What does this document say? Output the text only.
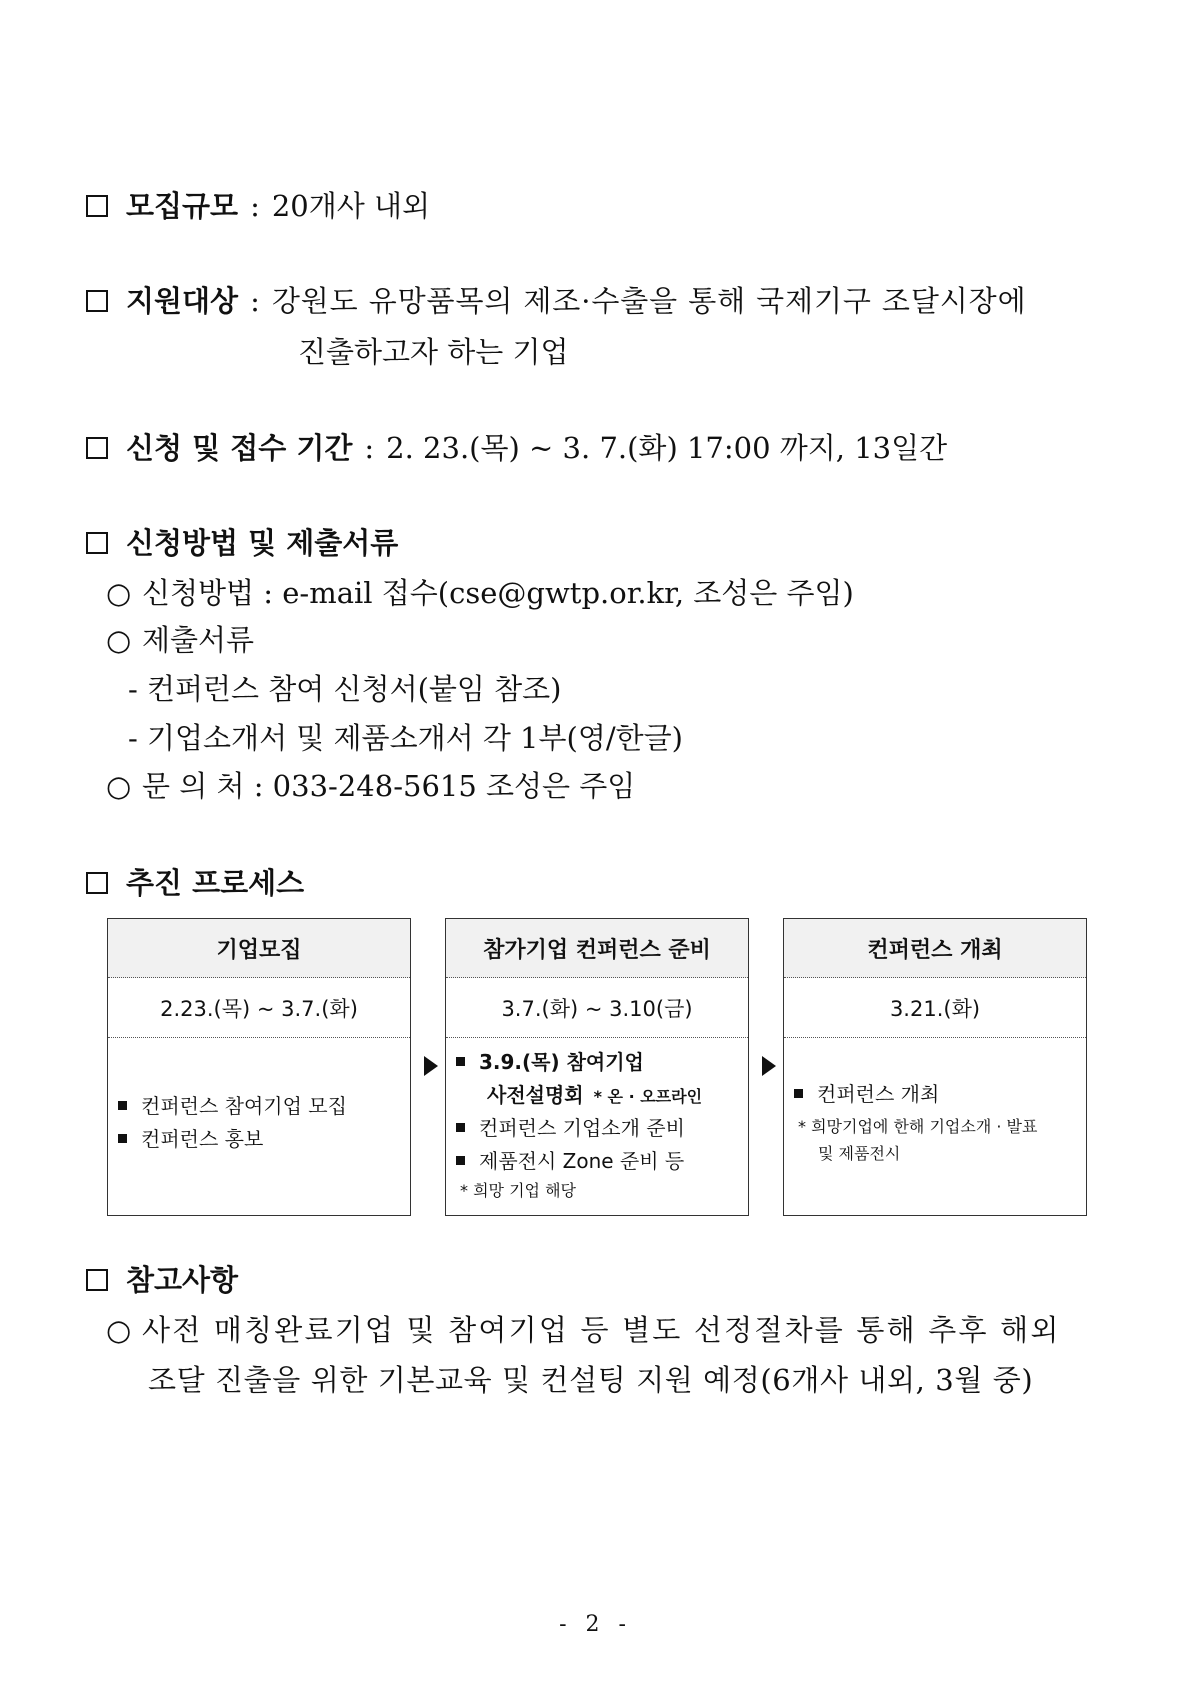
모집규모 : 20개사 내외
지원대상 : 강원도 유망품목의 제조·수출을 통해 국제기구 조달시장에
진출하고자 하는 기업
신청 및 접수 기간 : 2. 23.(목) ~ 3. 7.(화) 17:00 까지, 13일간
신청방법 및 제출서류
○ 신청방법 : e-mail 접수(cse@gwtp.or.kr, 조성은 주임)
○ 제출서류
- 컨퍼런스 참여 신청서(붙임 참조)
- 기업소개서 및 제품소개서 각 1부(영/한글)
○ 문 의 처 : 033-248-5615 조성은 주임
추진 프로세스
기업모집
2.23.(목) ~ 3.7.(화)
컨퍼런스 참여기업 모집
컨퍼런스 홍보
참가기업 컨퍼런스 준비
3.7.(화) ~ 3.10(금)
3.9.(목) 참여기업
사전설명회 * 온 · 오프라인
컨퍼런스 기업소개 준비
제품전시 Zone 준비 등
* 희망 기업 해당
컨퍼런스 개최
3.21.(화)
컨퍼런스 개최
* 희망기업에 한해 기업소개 · 발표
및 제품전시
참고사항
○ 사전 매칭완료기업 및 참여기업 등 별도 선정절차를 통해 추후 해외
조달 진출을 위한 기본교육 및 컨설팅 지원 예정(6개사 내외, 3월 중)
- 2 -
